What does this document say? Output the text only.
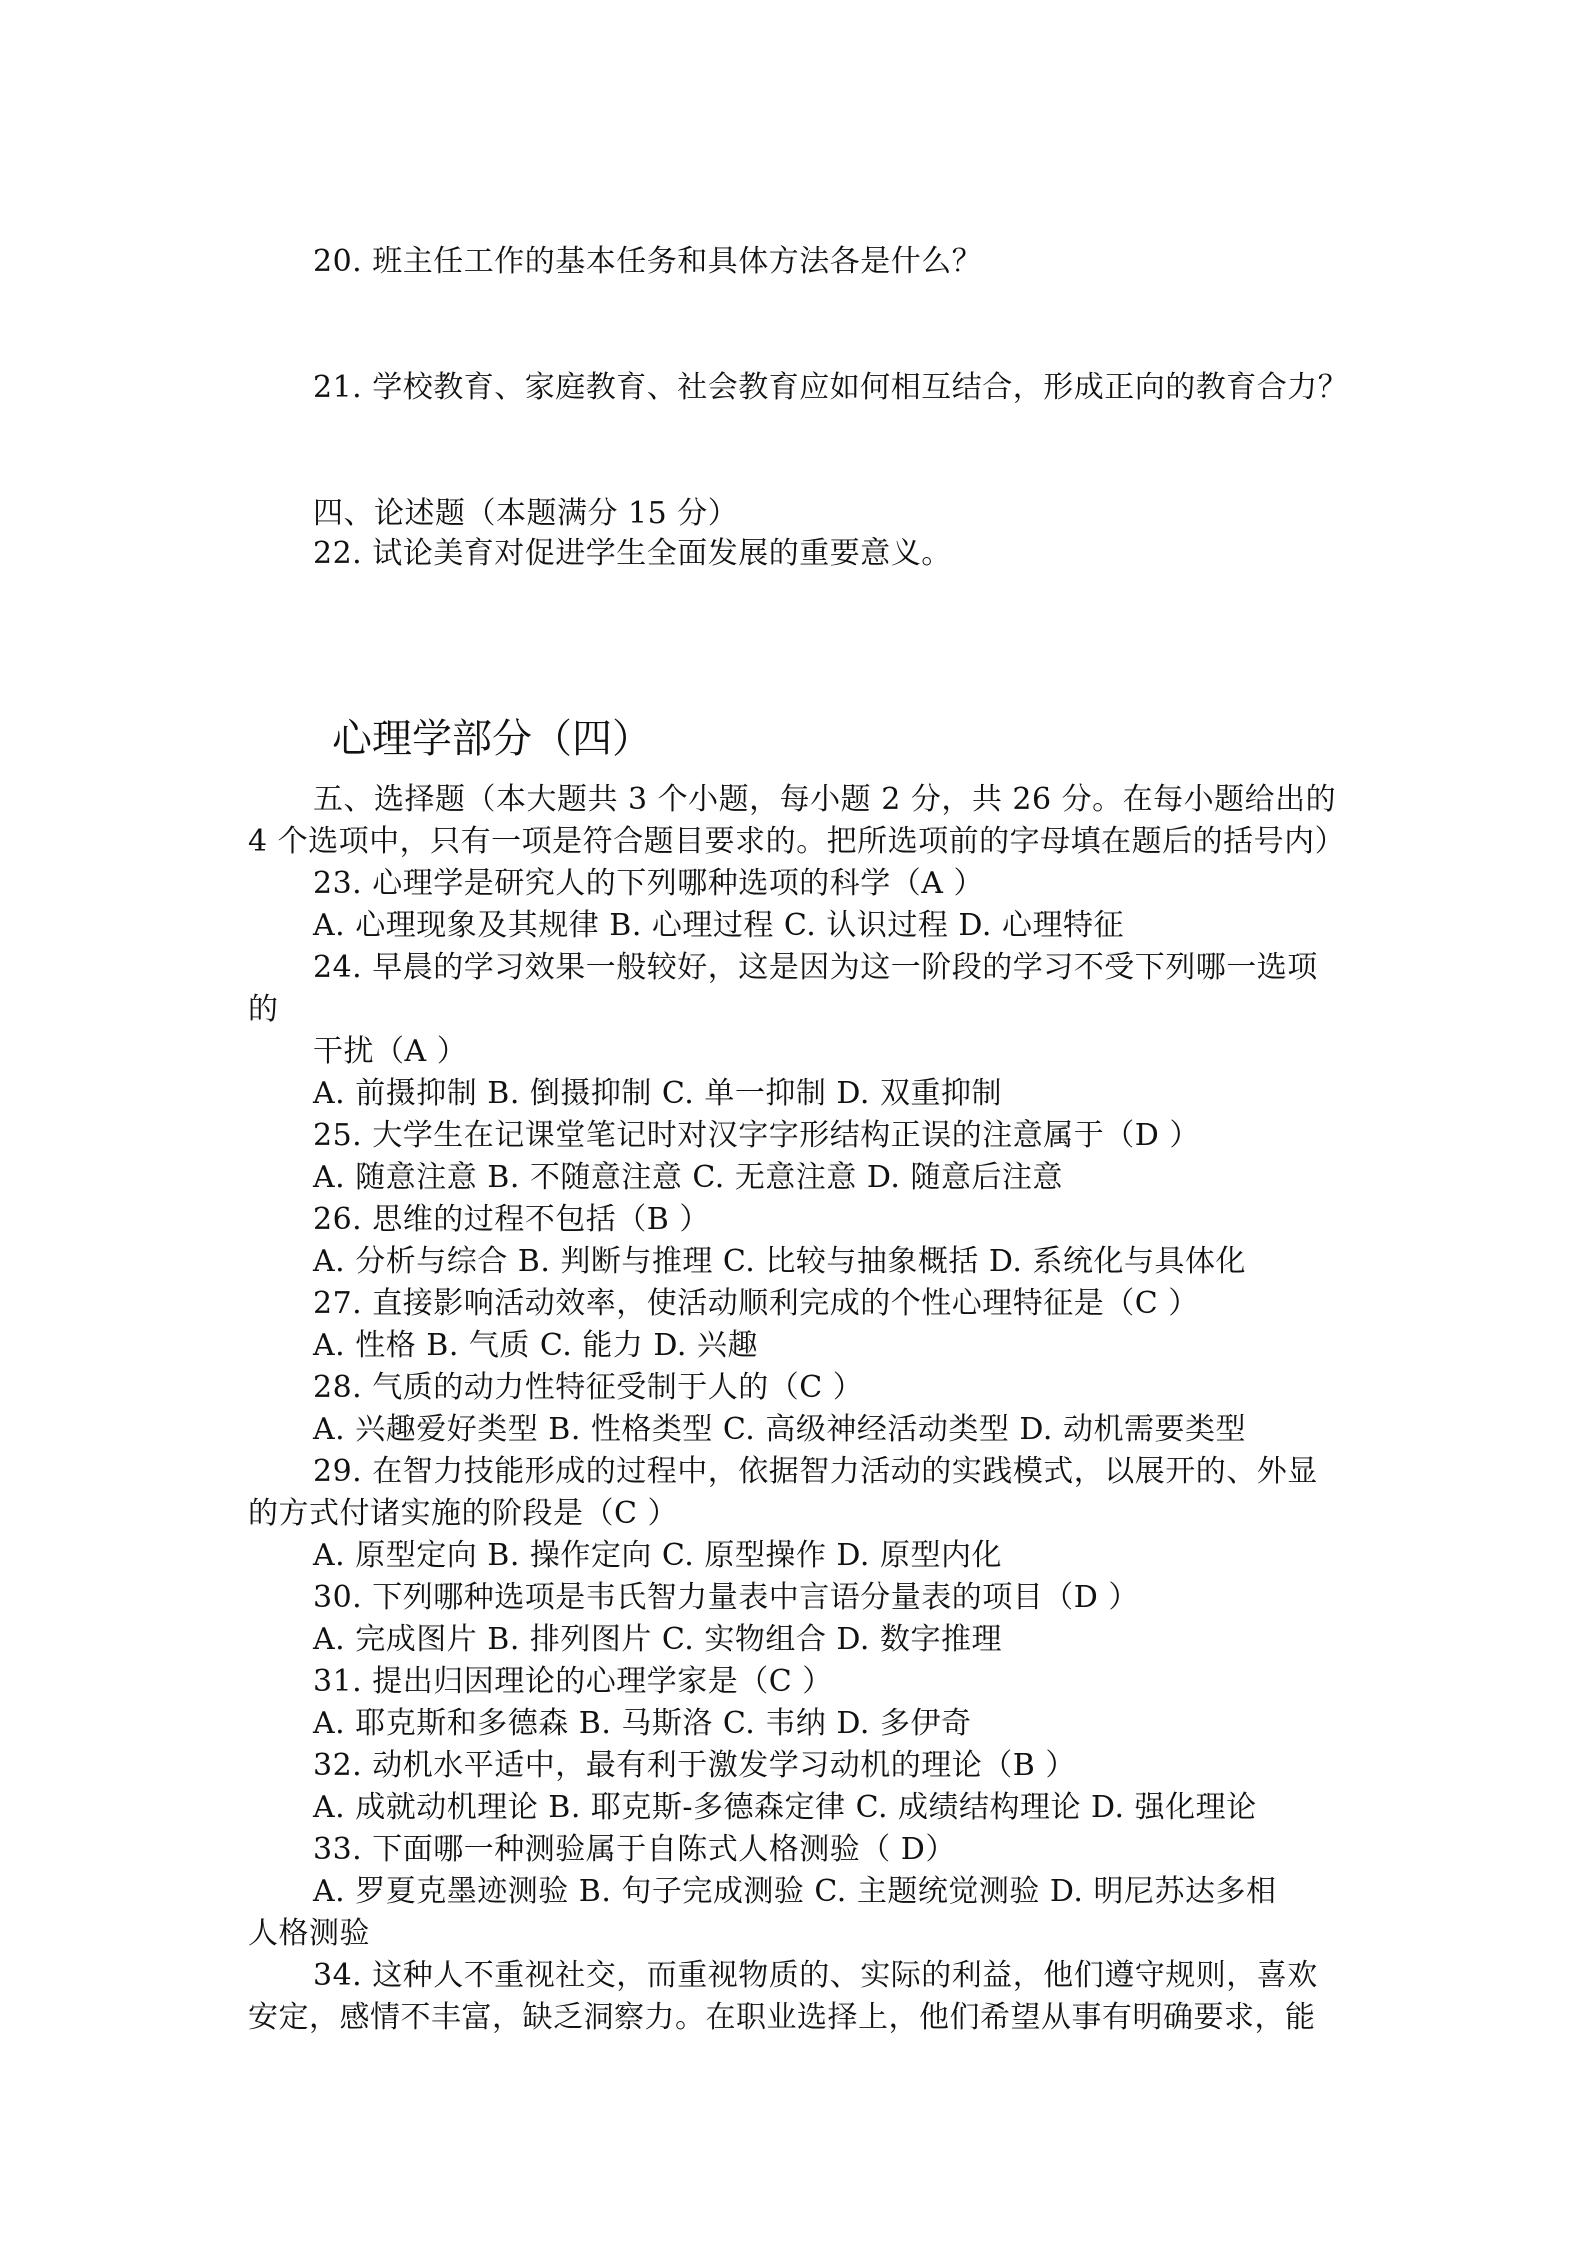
20. 班主任工作的基本任务和具体方法各是什么？
21. 学校教育、家庭教育、社会教育应如何相互结合，形成正向的教育合力？
四、论述题（本题满分 15 分）
22. 试论美育对促进学生全面发展的重要意义。
心理学部分（四）
五、选择题（本大题共 3 个小题，每小题 2 分，共 26 分。在每小题给出的
4 个选项中，只有一项是符合题目要求的。把所选项前的字母填在题后的括号内）
23. 心理学是研究人的下列哪种选项的科学（A ）
A. 心理现象及其规律 B. 心理过程 C. 认识过程 D. 心理特征
24. 早晨的学习效果一般较好，这是因为这一阶段的学习不受下列哪一选项
的
干扰（A ）
A. 前摄抑制 B. 倒摄抑制 C. 单一抑制 D. 双重抑制
25. 大学生在记课堂笔记时对汉字字形结构正误的注意属于（D ）
A. 随意注意 B. 不随意注意 C. 无意注意 D. 随意后注意
26. 思维的过程不包括（B ）
A. 分析与综合 B. 判断与推理 C. 比较与抽象概括 D. 系统化与具体化
27. 直接影响活动效率，使活动顺利完成的个性心理特征是（C ）
A. 性格 B. 气质 C. 能力 D. 兴趣
28. 气质的动力性特征受制于人的（C ）
A. 兴趣爱好类型 B. 性格类型 C. 高级神经活动类型 D. 动机需要类型
29. 在智力技能形成的过程中，依据智力活动的实践模式，以展开的、外显
的方式付诸实施的阶段是（C ）
A. 原型定向 B. 操作定向 C. 原型操作 D. 原型内化
30. 下列哪种选项是韦氏智力量表中言语分量表的项目（D ）
A. 完成图片 B. 排列图片 C. 实物组合 D. 数字推理
31. 提出归因理论的心理学家是（C ）
A. 耶克斯和多德森 B. 马斯洛 C. 韦纳 D. 多伊奇
32. 动机水平适中，最有利于激发学习动机的理论（B ）
A. 成就动机理论 B. 耶克斯-多德森定律 C. 成绩结构理论 D. 强化理论
33. 下面哪一种测验属于自陈式人格测验（ D）
A. 罗夏克墨迹测验 B. 句子完成测验 C. 主题统觉测验 D. 明尼苏达多相
人格测验
34. 这种人不重视社交，而重视物质的、实际的利益，他们遵守规则，喜欢
安定，感情不丰富，缺乏洞察力。在职业选择上，他们希望从事有明确要求，能
